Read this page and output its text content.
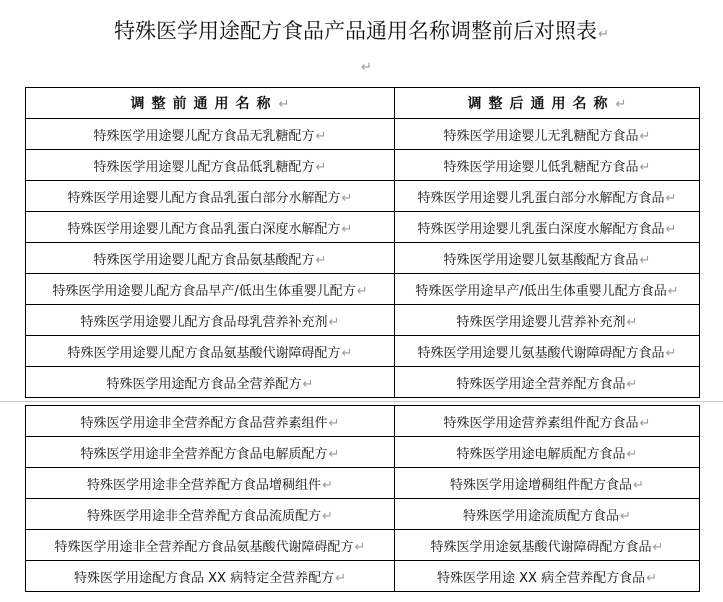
特殊医学用途配方食品产品通用名称调整前后对照表↵
↵
调整前通用名称↵	调整后通用名称↵
特殊医学用途婴儿配方食品无乳糖配方↵	特殊医学用途婴儿无乳糖配方食品↵
特殊医学用途婴儿配方食品低乳糖配方↵	特殊医学用途婴儿低乳糖配方食品↵
特殊医学用途婴儿配方食品乳蛋白部分水解配方↵	特殊医学用途婴儿乳蛋白部分水解配方食品↵
特殊医学用途婴儿配方食品乳蛋白深度水解配方↵	特殊医学用途婴儿乳蛋白深度水解配方食品↵
特殊医学用途婴儿配方食品氨基酸配方↵	特殊医学用途婴儿氨基酸配方食品↵
特殊医学用途婴儿配方食品早产/低出生体重婴儿配方↵	特殊医学用途早产/低出生体重婴儿配方食品↵
特殊医学用途婴儿配方食品母乳营养补充剂↵	特殊医学用途婴儿营养补充剂↵
特殊医学用途婴儿配方食品氨基酸代谢障碍配方↵	特殊医学用途婴儿氨基酸代谢障碍配方食品↵
特殊医学用途配方食品全营养配方↵	特殊医学用途全营养配方食品↵
特殊医学用途非全营养配方食品营养素组件↵	特殊医学用途营养素组件配方食品↵
特殊医学用途非全营养配方食品电解质配方↵	特殊医学用途电解质配方食品↵
特殊医学用途非全营养配方食品增稠组件↵	特殊医学用途增稠组件配方食品↵
特殊医学用途非全营养配方食品流质配方↵	特殊医学用途流质配方食品↵
特殊医学用途非全营养配方食品氨基酸代谢障碍配方↵	特殊医学用途氨基酸代谢障碍配方食品↵
特殊医学用途配方食品 XX 病特定全营养配方↵	特殊医学用途 XX 病全营养配方食品↵
